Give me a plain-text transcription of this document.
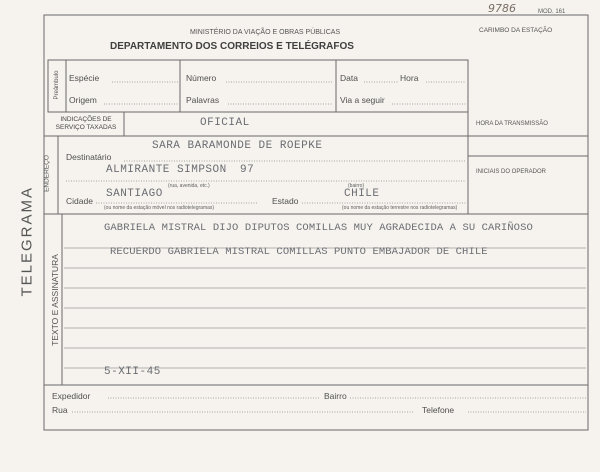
9786	MOD. 161
MINISTÉRIO DA VIAÇÃO E OBRAS PÚBLICAS
DEPARTAMENTO DOS CORREIOS E TELÉGRAFOS
CARIMBO DA ESTAÇÃO
TELEGRAMA
Preâmbulo Espécie	Número	Data	Hora
Origem	Palavras	Via a seguir
INDICAÇÕES DE SERVIÇO TAXADAS	OFICIAL	HORA DA TRANSMISSÃO
INICIAIS DO OPERADOR
ENDEREÇO Destinatário
SARA BARAMONDE DE ROEPKE
ALMIRANTE SIMPSON 97
(rua, avenida, etc.)	(bairro)
Cidade
SANTIAGO
Estado
CHILE
(ou nome da estação móvel nos radiotelegramas)	(ou nome da estação terrestre nos radiotelegramas)
TEXTO E ASSINATURA
GABRIELA MISTRAL DIJO DIPUTOS COMILLAS MUY AGRADECIDA A SU CARIÑOSO
RECUERDO GABRIELA MISTRAL COMILLAS PUNTO EMBAJADOR DE CHILE
5-XII-45
Expedidor	Bairro
Rua	Telefone
